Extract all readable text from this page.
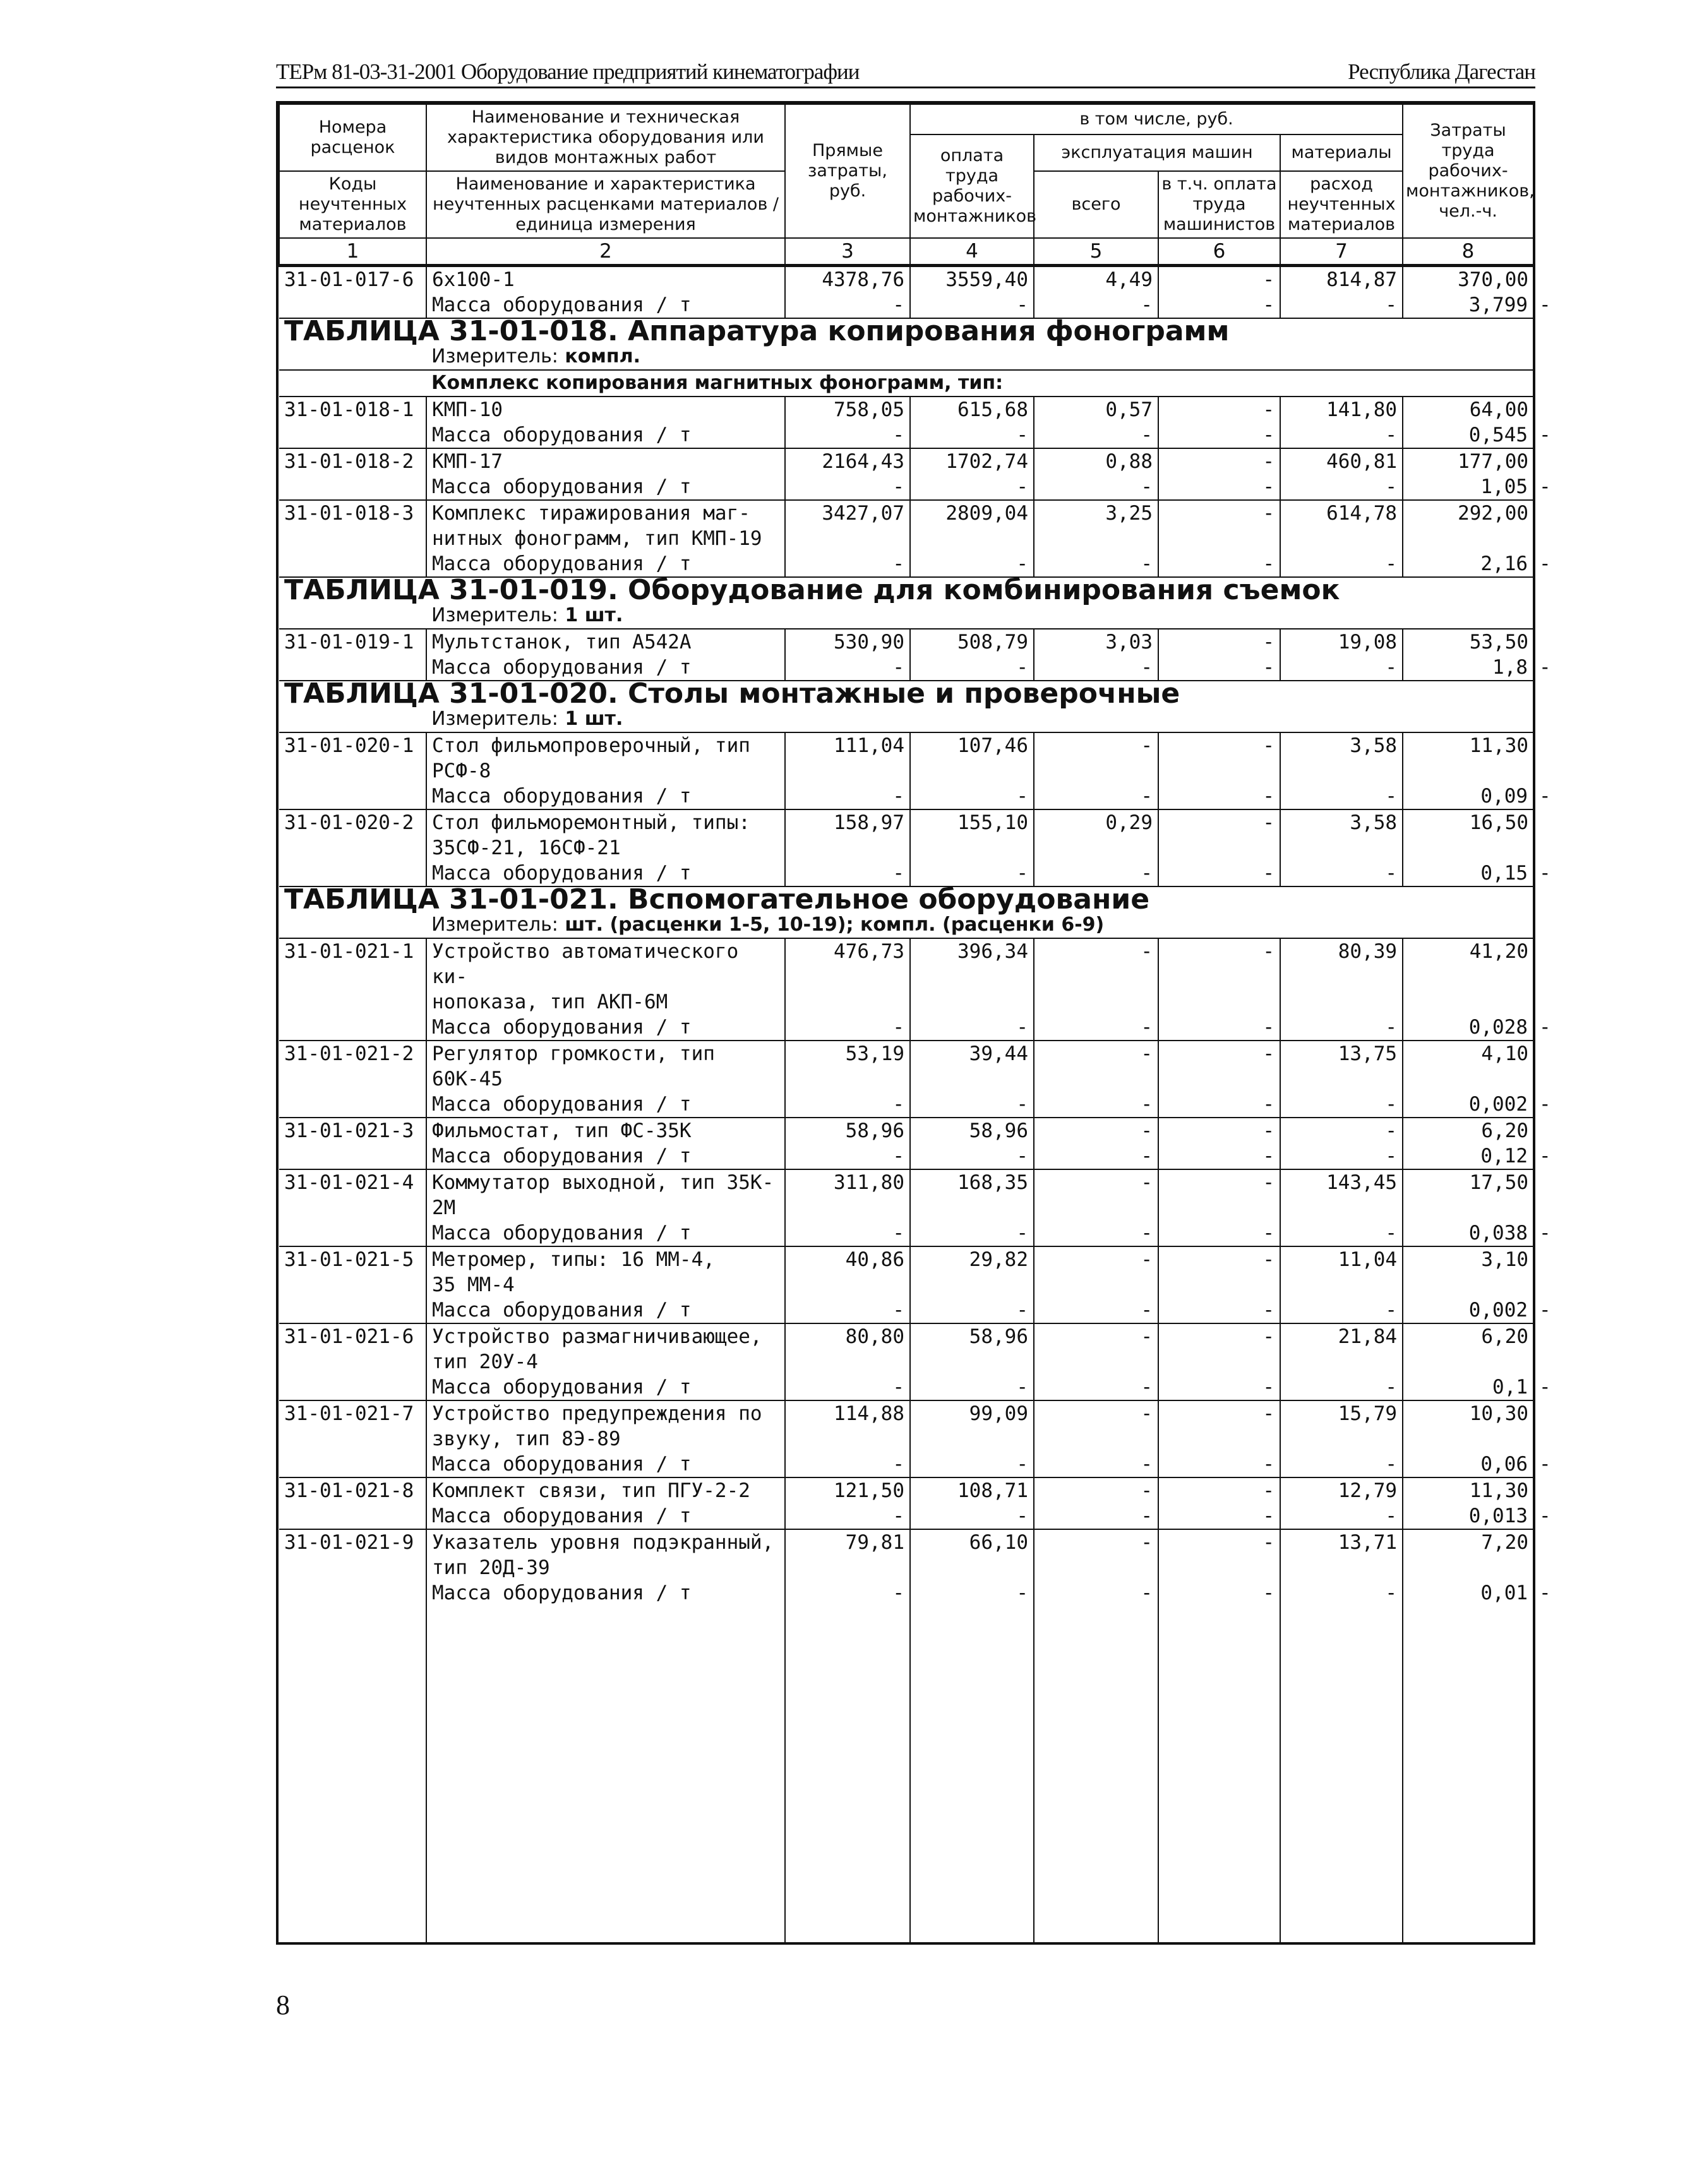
ТЕРм 81-03-31-2001 Оборудование предприятий кинематографии	Республика Дагестан
Номера расценок	Наименование и техническая характеристика оборудования или видов монтажных работ	Прямые затраты, руб.	в том числе, руб.				Затраты труда рабочих-монтажников, чел.-ч.	
			оплата труда рабочих-монтажников	эксплуатация машин		материалы		
Коды неучтенных материалов	Наименование и характеристика неучтенных расценками материалов / единица измерения			всего	в т.ч. оплата труда машинистов	расход неучтенных материалов		

1	2	3	4	5	6	7	8	
31-01-017-6	6х100-1	4378,76	3559,40	4,49	-	814,87	370,00	
	Масса оборудования / т	-	-	-	-	-	3,799	-
ТАБЛИЦА 31-01-018. Аппаратура копирования фонограмм								
	Измеритель: компл.							
	Комплекс копирования магнитных фонограмм, тип:							
31-01-018-1	КМП-10	758,05	615,68	0,57	-	141,80	64,00	
	Масса оборудования / т	-	-	-	-	-	0,545	-
31-01-018-2	КМП-17	2164,43	1702,74	0,88	-	460,81	177,00	
	Масса оборудования / т	-	-	-	-	-	1,05	-
31-01-018-3	Комплекс тиражирования маг-	3427,07	2809,04	3,25	-	614,78	292,00	
	нитных фонограмм, тип КМП-19							
	Масса оборудования / т	-	-	-	-	-	2,16	-
ТАБЛИЦА 31-01-019. Оборудование для комбинирования съемок								
	Измеритель: 1 шт.							
31-01-019-1	Мультстанок, тип А542А	530,90	508,79	3,03	-	19,08	53,50	
	Масса оборудования / т	-	-	-	-	-	1,8	-
ТАБЛИЦА 31-01-020. Столы монтажные и проверочные								
	Измеритель: 1 шт.							
31-01-020-1	Стол фильмопроверочный, тип	111,04	107,46	-	-	3,58	11,30	
	РСФ-8							
	Масса оборудования / т	-	-	-	-	-	0,09	-
31-01-020-2	Стол фильморемонтный, типы:	158,97	155,10	0,29	-	3,58	16,50	
	35СФ-21, 16СФ-21							
	Масса оборудования / т	-	-	-	-	-	0,15	-
ТАБЛИЦА 31-01-021. Вспомогательное оборудование								
	Измеритель: шт. (расценки 1-5, 10-19); компл. (расценки 6-9)							
31-01-021-1	Устройство автоматического ки-	476,73	396,34	-	-	80,39	41,20	
	нопоказа, тип АКП-6М							
	Масса оборудования / т	-	-	-	-	-	0,028	-
31-01-021-2	Регулятор громкости, тип 60К-45	53,19	39,44	-	-	13,75	4,10	
	Масса оборудования / т	-	-	-	-	-	0,002	-
31-01-021-3	Фильмостат, тип ФС-35К	58,96	58,96	-	-	-	6,20	
	Масса оборудования / т	-	-	-	-	-	0,12	-
31-01-021-4	Коммутатор выходной, тип 35К-	311,80	168,35	-	-	143,45	17,50	
	2М							
	Масса оборудования / т	-	-	-	-	-	0,038	-
31-01-021-5	Метромер, типы: 16 ММ-4,	40,86	29,82	-	-	11,04	3,10	
	35 ММ-4							
	Масса оборудования / т	-	-	-	-	-	0,002	-
31-01-021-6	Устройство размагничивающее,	80,80	58,96	-	-	21,84	6,20	
	тип 20У-4							
	Масса оборудования / т	-	-	-	-	-	0,1	-
31-01-021-7	Устройство предупреждения по	114,88	99,09	-	-	15,79	10,30	
	звуку, тип 8Э-89							
	Масса оборудования / т	-	-	-	-	-	0,06	-
31-01-021-8	Комплект связи, тип ПГУ-2-2	121,50	108,71	-	-	12,79	11,30	
	Масса оборудования / т	-	-	-	-	-	0,013	-
31-01-021-9	Указатель уровня подэкранный,	79,81	66,10	-	-	13,71	7,20	
	тип 20Д-39							
	Масса оборудования / т	-	-	-	-	-	0,01	-

8
